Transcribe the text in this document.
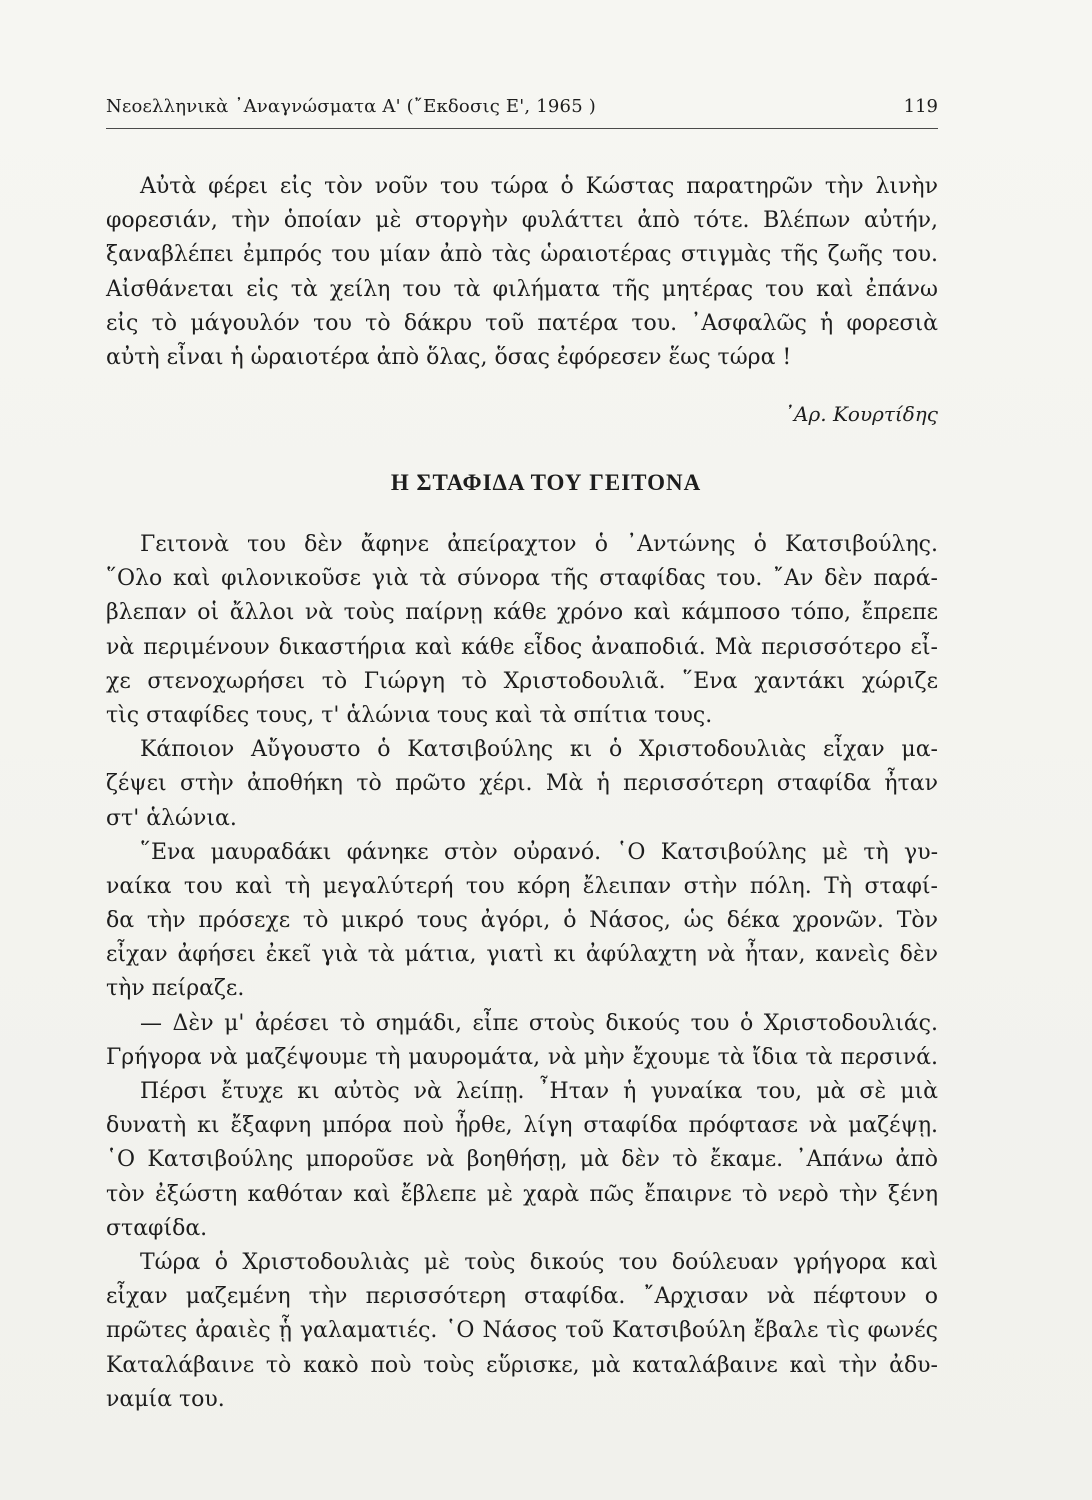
Νεοελληνικὰ ᾽Αναγνώσματα Α' (῎Εκδοσις Ε', 1965 )	119
Αὐτὰ φέρει εἰς τὸν νοῦν του τώρα ὁ Κώστας παρατηρῶν τὴν λινὴν
φορεσιάν, τὴν ὁποίαν μὲ στοργὴν φυλάττει ἀπὸ τότε. Βλέπων αὐτήν,
ξαναβλέπει ἐμπρός του μίαν ἀπὸ τὰς ὡραιοτέρας στιγμὰς τῆς ζωῆς του.
Αἰσθάνεται εἰς τὰ χείλη του τὰ φιλήματα τῆς μητέρας του καὶ ἐπάνω
εἰς τὸ μάγουλόν του τὸ δάκρυ τοῦ πατέρα του. ᾽Ασφαλῶς ἡ φορεσιὰ
αὐτὴ εἶναι ἡ ὡραιοτέρα ἀπὸ ὅλας, ὅσας ἐφόρεσεν ἕως τώρα !
᾽Αρ. Κουρτίδης
Η ΣΤΑΦΙΔΑ ΤΟΥ ΓΕΙΤΟΝΑ
Γειτονὰ του δὲν ἄφηνε ἀπείραχτον ὁ ᾽Αντώνης ὁ Κατσιβούλης.
῞Ολο καὶ φιλονικοῦσε γιὰ τὰ σύνορα τῆς σταφίδας του. ῎Αν δὲν παρά-
βλεπαν οἱ ἄλλοι νὰ τοὺς παίρνῃ κάθε χρόνο καὶ κάμποσο τόπο, ἔπρεπε
νὰ περιμένουν δικαστήρια καὶ κάθε εἶδος ἀναποδιά. Μὰ περισσότερο εἶ-
χε στενοχωρήσει τὸ Γιώργη τὸ Χριστοδουλιᾶ. ῞Ενα χαντάκι χώριζε
τὶς σταφίδες τους, τ' ἁλώνια τους καὶ τὰ σπίτια τους.
Κάποιον Αὔγουστο ὁ Κατσιβούλης κι ὁ Χριστοδουλιὰς εἶχαν μα-
ζέψει στὴν ἀποθήκη τὸ πρῶτο χέρι. Μὰ ἡ περισσότερη σταφίδα ἦταν
στ' ἁλώνια.
῞Ενα μαυραδάκι φάνηκε στὸν οὐρανό. ῾Ο Κατσιβούλης μὲ τὴ γυ-
ναίκα του καὶ τὴ μεγαλύτερή του κόρη ἔλειπαν στὴν πόλη. Τὴ σταφί-
δα τὴν πρόσεχε τὸ μικρό τους ἀγόρι, ὁ Νάσος, ὡς δέκα χρονῶν. Τὸν
εἶχαν ἀφήσει ἐκεῖ γιὰ τὰ μάτια, γιατὶ κι ἀφύλαχτη νὰ ἦταν, κανεὶς δὲν
τὴν πείραζε.
— Δὲν μ' ἀρέσει τὸ σημάδι, εἶπε στοὺς δικούς του ὁ Χριστοδουλιάς.
Γρήγορα νὰ μαζέψουμε τὴ μαυρομάτα, νὰ μὴν ἔχουμε τὰ ἴδια τὰ περσινά.
Πέρσι ἔτυχε κι αὐτὸς νὰ λείπῃ. ῏Ηταν ἡ γυναίκα του, μὰ σὲ μιὰ
δυνατὴ κι ἔξαφνη μπόρα ποὺ ἦρθε, λίγη σταφίδα πρόφτασε νὰ μαζέψῃ.
῾Ο Κατσιβούλης μποροῦσε νὰ βοηθήσῃ, μὰ δὲν τὸ ἔκαμε. ᾽Απάνω ἀπὸ
τὸν ἐξώστη καθόταν καὶ ἔβλεπε μὲ χαρὰ πῶς ἔπαιρνε τὸ νερὸ τὴν ξένη
σταφίδα.
Τώρα ὁ Χριστοδουλιὰς μὲ τοὺς δικούς του δούλευαν γρήγορα καὶ
εἶχαν μαζεμένη τὴν περισσότερη σταφίδα. ῎Αρχισαν νὰ πέφτουν ο
πρῶτες ἀραιὲς ᾗ γαλαματιές. ῾Ο Νάσος τοῦ Κατσιβούλη ἔβαλε τὶς φωνές
Καταλάβαινε τὸ κακὸ ποὺ τοὺς εὕρισκε, μὰ καταλάβαινε καὶ τὴν ἀδυ-
ναμία του.
